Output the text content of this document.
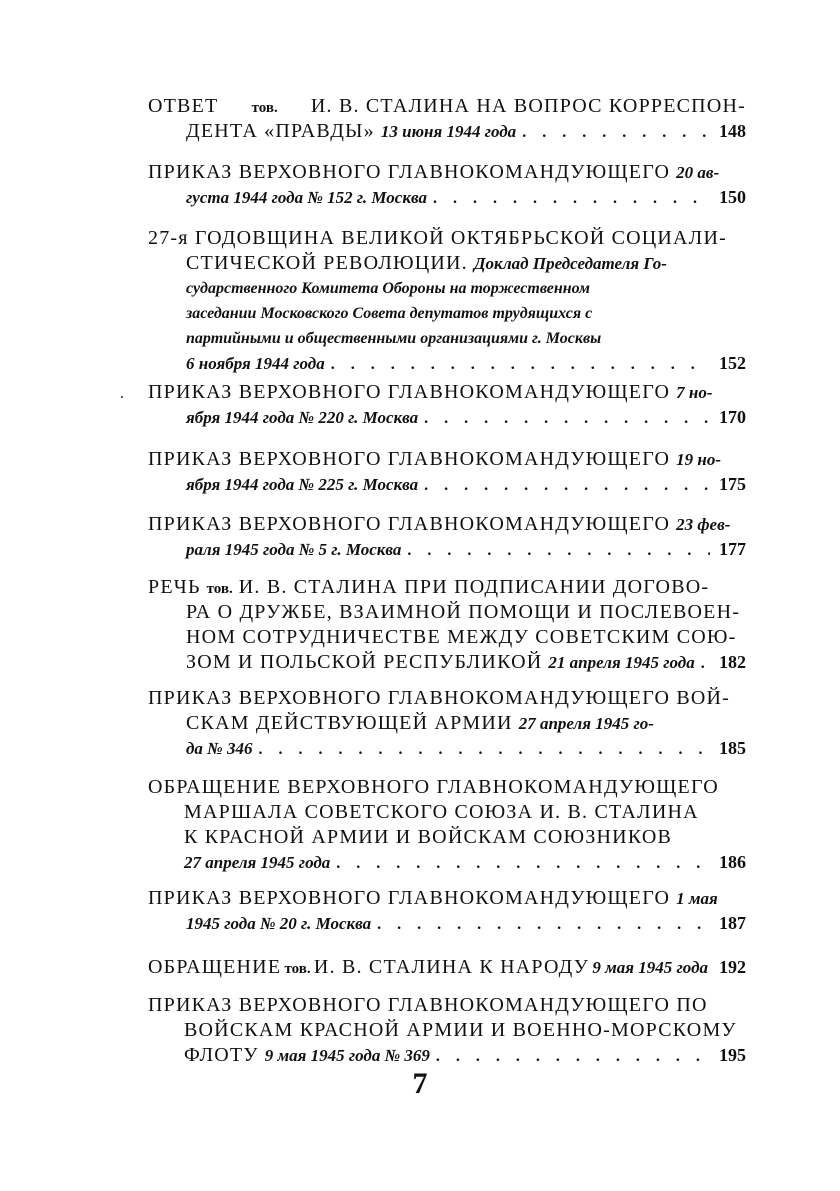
ОТВЕТ тов. И. В. СТАЛИНА НА ВОПРОС КОРРЕСПОН-
ДЕНТА «ПРАВДЫ» 13 июня 1944 года . . .	148
ПРИКАЗ ВЕРХОВНОГО ГЛАВНОКОМАНДУЮЩЕГО 20 ав-
густа 1944 года № 152 г. Москва . . .	150
27-я ГОДОВЩИНА ВЕЛИКОЙ ОКТЯБРЬСКОЙ СОЦИАЛИ-
СТИЧЕСКОЙ РЕВОЛЮЦИИ. Доклад Председателя Го-
сударственного Комитета Обороны на торжественном
заседании Московского Совета депутатов трудящихся с
партийными и общественными организациями г. Москвы
6 ноября 1944 года . . .	152
ПРИКАЗ ВЕРХОВНОГО ГЛАВНОКОМАНДУЮЩЕГО 7 но-
ября 1944 года № 220 г. Москва . . .	170
ПРИКАЗ ВЕРХОВНОГО ГЛАВНОКОМАНДУЮЩЕГО 19 но-
ября 1944 года № 225 г. Москва . . .	175
ПРИКАЗ ВЕРХОВНОГО ГЛАВНОКОМАНДУЮЩЕГО 23 фев-
раля 1945 года № 5 г. Москва . . .	177
РЕЧЬ тов. И. В. СТАЛИНА ПРИ ПОДПИСАНИИ ДОГОВО-
РА О ДРУЖБЕ, ВЗАИМНОЙ ПОМОЩИ И ПОСЛЕВОЕН-
НОМ СОТРУДНИЧЕСТВЕ МЕЖДУ СОВЕТСКИМ СОЮ-
ЗОМ И ПОЛЬСКОЙ РЕСПУБЛИКОЙ 21 апреля 1945 года . . . 182
ПРИКАЗ ВЕРХОВНОГО ГЛАВНОКОМАНДУЮЩЕГО ВОЙ-
СКАМ ДЕЙСТВУЮЩЕЙ АРМИИ 27 апреля 1945 го-
да № 346 . . .	185
ОБРАЩЕНИЕ ВЕРХОВНОГО ГЛАВНОКОМАНДУЮЩЕГО
МАРШАЛА СОВЕТСКОГО СОЮЗА И. В. СТАЛИНА
К КРАСНОЙ АРМИИ И ВОЙСКАМ СОЮЗНИКОВ
27 апреля 1945 года . . .	186
ПРИКАЗ ВЕРХОВНОГО ГЛАВНОКОМАНДУЮЩЕГО 1 мая
1945 года № 20 г. Москва . . .	187
ОБРАЩЕНИЕ тов. И. В. СТАЛИНА К НАРОДУ 9 мая 1945 года 192
ПРИКАЗ ВЕРХОВНОГО ГЛАВНОКОМАНДУЮЩЕГО ПО
ВОЙСКАМ КРАСНОЙ АРМИИ И ВОЕННО-МОРСКОМУ
ФЛОТУ 9 мая 1945 года № 369 . . .	195
7
